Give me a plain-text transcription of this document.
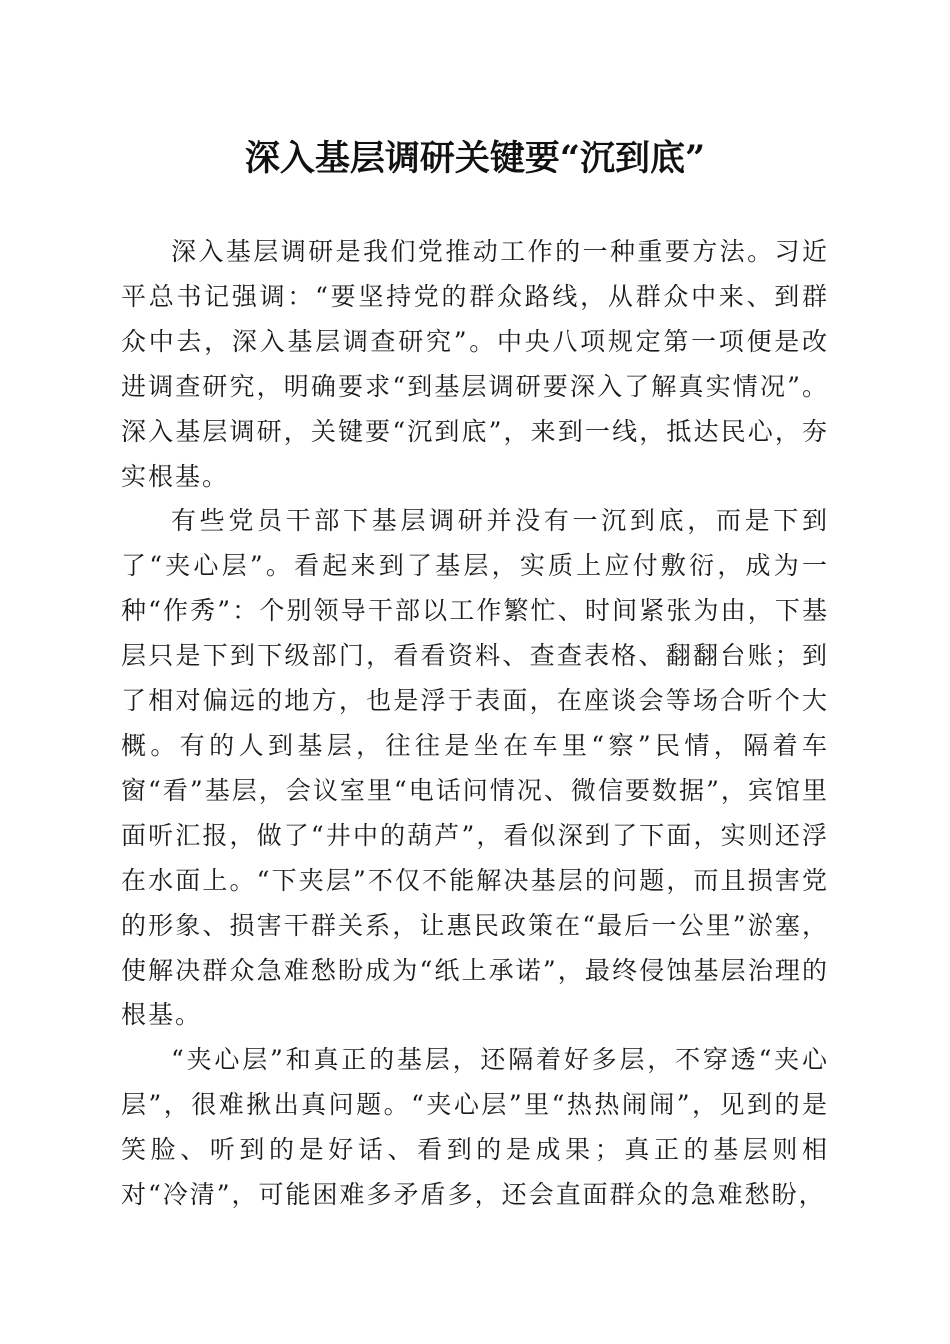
深入基层调研关键要“沉到底”

深入基层调研是我们党推动工作的一种重要方法。习近平总书记强调：“要坚持党的群众路线，从群众中来、到群众中去，深入基层调查研究”。中央八项规定第一项便是改进调查研究，明确要求“到基层调研要深入了解真实情况”。深入基层调研，关键要“沉到底”，来到一线，抵达民心，夯实根基。

有些党员干部下基层调研并没有一沉到底，而是下到了“夹心层”。看起来到了基层，实质上应付敷衍，成为一种“作秀”：个别领导干部以工作繁忙、时间紧张为由，下基层只是下到下级部门，看看资料、查查表格、翻翻台账；到了相对偏远的地方，也是浮于表面，在座谈会等场合听个大概。有的人到基层，往往是坐在车里“察”民情，隔着车窗“看”基层，会议室里“电话问情况、微信要数据”，宾馆里面听汇报，做了“井中的葫芦”，看似深到了下面，实则还浮在水面上。“下夹层”不仅不能解决基层的问题，而且损害党的形象、损害干群关系，让惠民政策在“最后一公里”淤塞，使解决群众急难愁盼成为“纸上承诺”，最终侵蚀基层治理的根基。

“夹心层”和真正的基层，还隔着好多层，不穿透“夹心层”，很难揪出真问题。“夹心层”里“热热闹闹”，见到的是笑脸、听到的是好话、看到的是成果；真正的基层则相对“冷清”，可能困难多矛盾多，还会直面群众的急难愁盼，
